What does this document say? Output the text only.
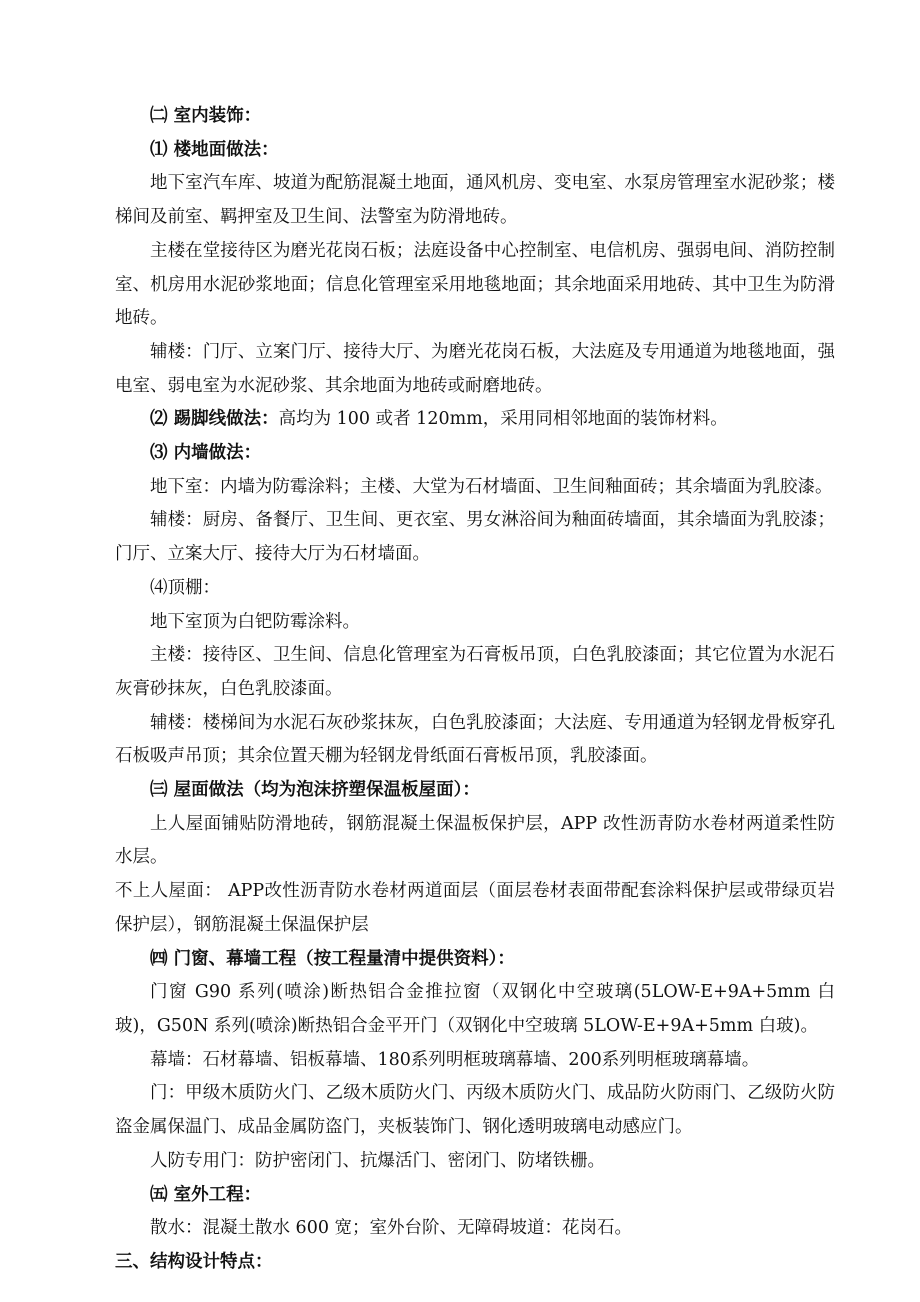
㈡ 室内装饰：

⑴ 楼地面做法：

地下室汽车库、坡道为配筋混凝土地面，通风机房、变电室、水泵房管理室水泥砂浆；楼梯间及前室、羁押室及卫生间、法警室为防滑地砖。

主楼在堂接待区为磨光花岗石板；法庭设备中心控制室、电信机房、强弱电间、消防控制室、机房用水泥砂浆地面；信息化管理室采用地毯地面；其余地面采用地砖、其中卫生为防滑地砖。

辅楼：门厅、立案门厅、接待大厅、为磨光花岗石板，大法庭及专用通道为地毯地面，强电室、弱电室为水泥砂浆、其余地面为地砖或耐磨地砖。

⑵ 踢脚线做法：高均为 100 或者 120mm，采用同相邻地面的装饰材料。

⑶ 内墙做法：

地下室：内墙为防霉涂料；主楼、大堂为石材墙面、卫生间釉面砖；其余墙面为乳胶漆。

辅楼：厨房、备餐厅、卫生间、更衣室、男女淋浴间为釉面砖墙面，其余墙面为乳胶漆；门厅、立案大厅、接待大厅为石材墙面。

⑷顶棚：

地下室顶为白钯防霉涂料。

主楼：接待区、卫生间、信息化管理室为石膏板吊顶，白色乳胶漆面；其它位置为水泥石灰膏砂抹灰，白色乳胶漆面。

辅楼：楼梯间为水泥石灰砂浆抹灰，白色乳胶漆面；大法庭、专用通道为轻钢龙骨板穿孔石板吸声吊顶；其余位置天棚为轻钢龙骨纸面石膏板吊顶，乳胶漆面。

㈢ 屋面做法（均为泡沫挤塑保温板屋面）：

上人屋面铺贴防滑地砖，钢筋混凝土保温板保护层，APP 改性沥青防水卷材两道柔性防水层。

不上人屋面： APP改性沥青防水卷材两道面层（面层卷材表面带配套涂料保护层或带绿页岩保护层），钢筋混凝土保温保护层

㈣ 门窗、幕墙工程（按工程量清中提供资料）：

门窗 G90 系列(喷涂)断热铝合金推拉窗（双钢化中空玻璃(5LOW-E+9A+5mm 白玻)，G50N 系列(喷涂)断热铝合金平开门（双钢化中空玻璃 5LOW-E+9A+5mm 白玻)。

幕墙：石材幕墙、铝板幕墙、180系列明框玻璃幕墙、200系列明框玻璃幕墙。

门：甲级木质防火门、乙级木质防火门、丙级木质防火门、成品防火防雨门、乙级防火防盗金属保温门、成品金属防盗门，夹板装饰门、钢化透明玻璃电动感应门。

人防专用门：防护密闭门、抗爆活门、密闭门、防堵铁栅。

㈤ 室外工程：

散水：混凝土散水 600 宽；室外台阶、无障碍坡道：花岗石。

三、结构设计特点：
